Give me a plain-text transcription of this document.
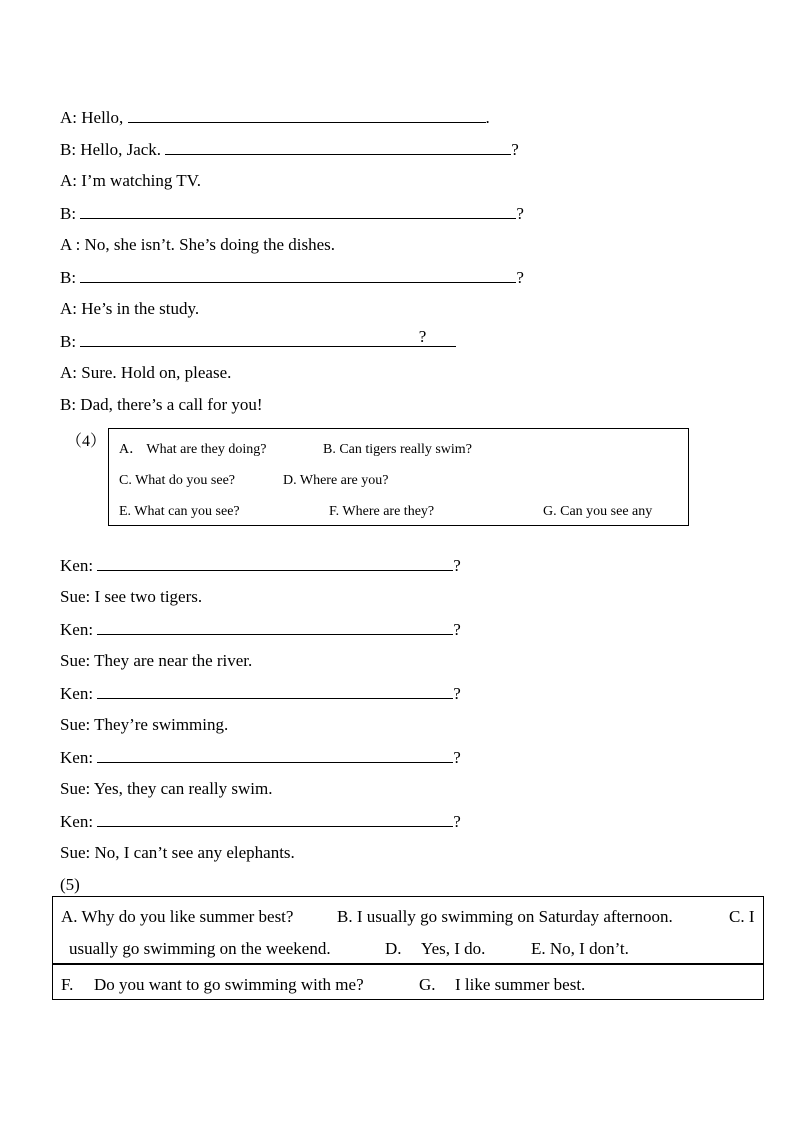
A: Hello,	.
B: Hello, Jack.	?
A: I’m watching TV.
B:	?
A : No, she isn’t. She’s doing the dishes.
B:	?
A: He’s in the study.
B:	?
A: Sure. Hold on, please.
B: Dad, there’s a call for you!
（4） A． What are they doing?	B. Can tigers really swim?
C. What do you see?	D. Where are you?
E. What can you see?	F. Where are they?	G. Can you see any
Ken:	?
Sue: I see two tigers.
Ken:	?
Sue: They are near the river.
Ken:	?
Sue: They’re swimming.
Ken:	?
Sue: Yes, they can really swim.
Ken:	?
Sue: No, I can’t see any elephants.
(5)
A. Why do you like summer best?	B. I usually go swimming on Saturday afternoon.	C. I
usually go swimming on the weekend.	D. Yes, I do.	E. No, I don’t.
F. Do you want to go swimming with me?	G. I like summer best.
